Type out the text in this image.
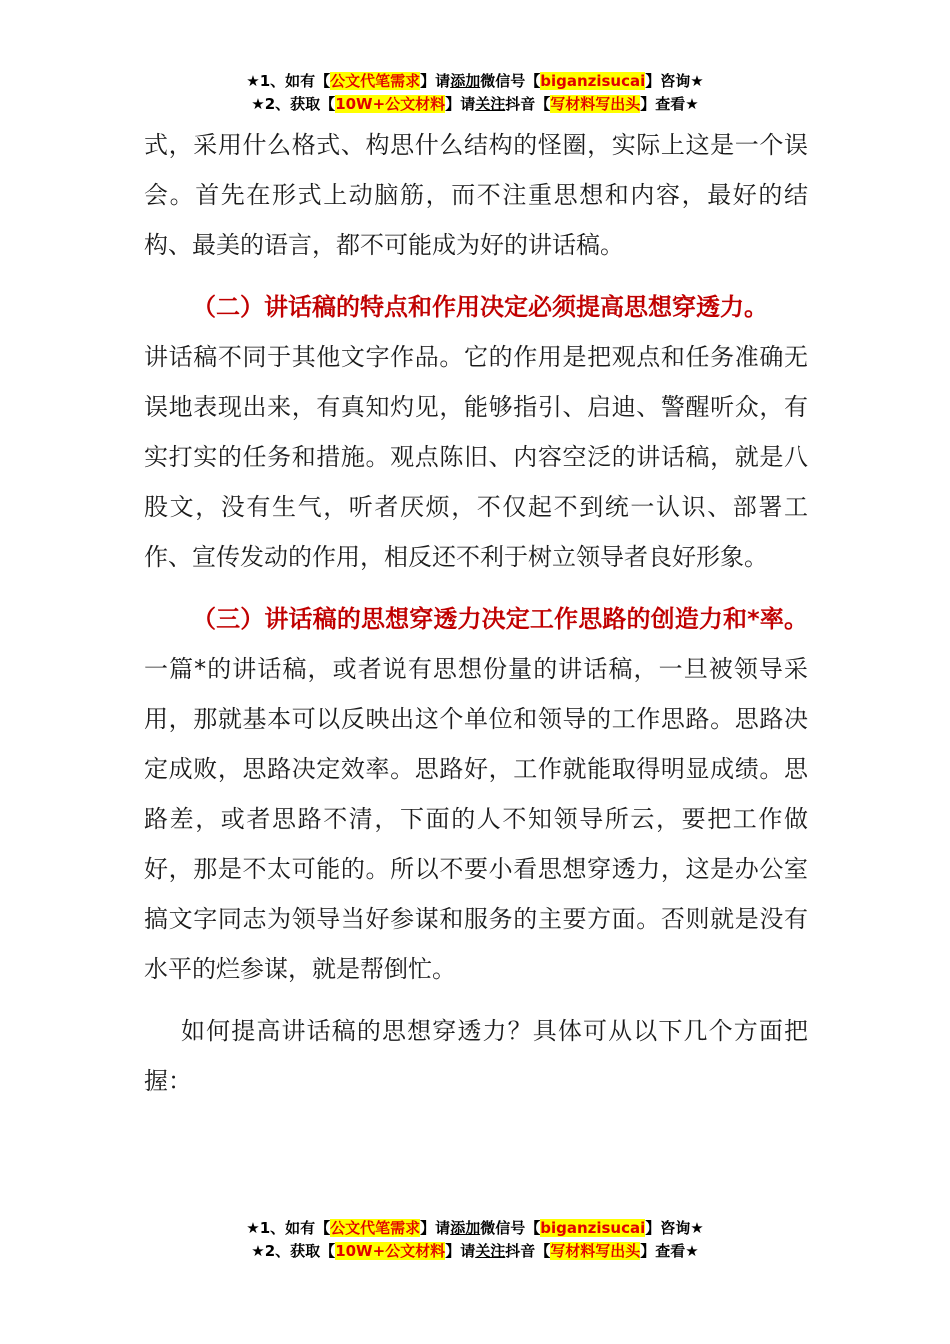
★1、如有【公文代笔需求】请添加微信号【biganzisucai】咨询★
★2、获取【10W+公文材料】请关注抖音【写材料写出头】查看★

式，采用什么格式、构思什么结构的怪圈，实际上这是一个误会。首先在形式上动脑筋，而不注重思想和内容，最好的结构、最美的语言，都不可能成为好的讲话稿。

（二）讲话稿的特点和作用决定必须提高思想穿透力。

讲话稿不同于其他文字作品。它的作用是把观点和任务准确无误地表现出来，有真知灼见，能够指引、启迪、警醒听众，有实打实的任务和措施。观点陈旧、内容空泛的讲话稿，就是八股文，没有生气，听者厌烦，不仅起不到统一认识、部署工作、宣传发动的作用，相反还不利于树立领导者良好形象。

（三）讲话稿的思想穿透力决定工作思路的创造力和*率。一篇*的讲话稿，或者说有思想份量的讲话稿，一旦被领导采用，那就基本可以反映出这个单位和领导的工作思路。思路决定成败，思路决定效率。思路好，工作就能取得明显成绩。思路差，或者思路不清，下面的人不知领导所云，要把工作做好，那是不太可能的。所以不要小看思想穿透力，这是办公室搞文字同志为领导当好参谋和服务的主要方面。否则就是没有水平的烂参谋，就是帮倒忙。

如何提高讲话稿的思想穿透力？具体可从以下几个方面把握：

★1、如有【公文代笔需求】请添加微信号【biganzisucai】咨询★
★2、获取【10W+公文材料】请关注抖音【写材料写出头】查看★
